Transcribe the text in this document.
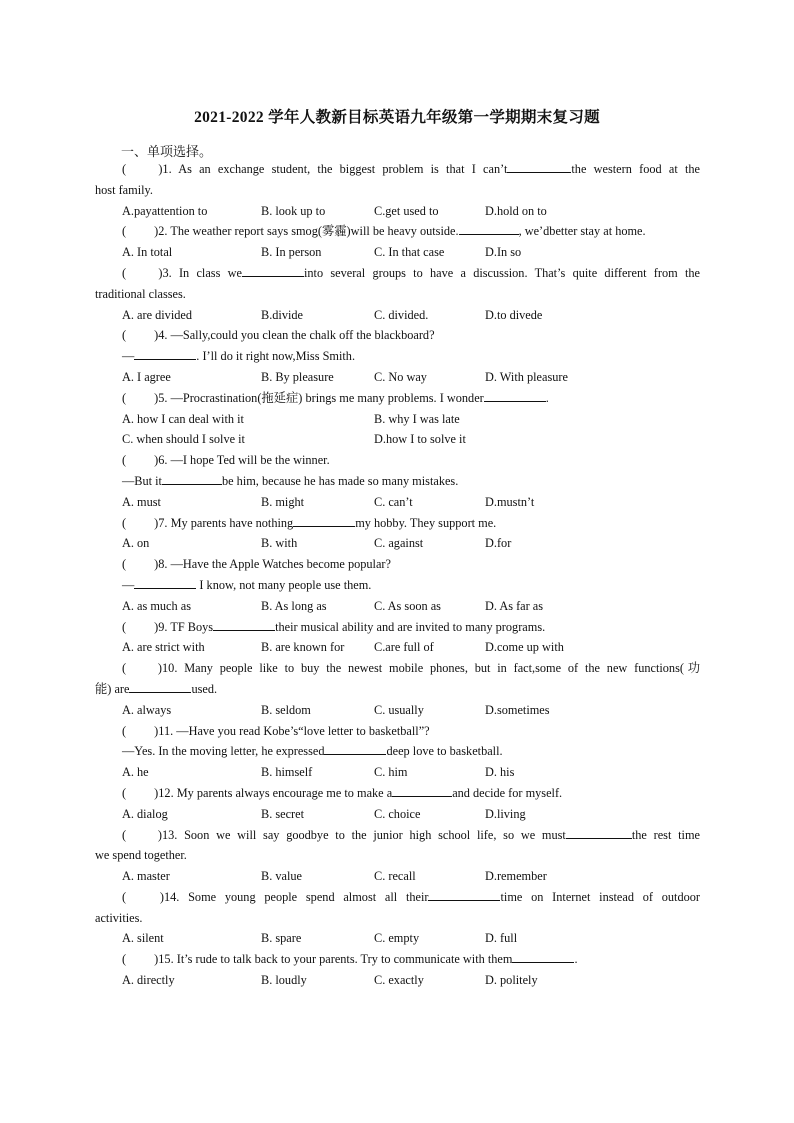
2021-2022 学年人教新目标英语九年级第一学期期末复习题
一、单项选择。
( )1. As an exchange student, the biggest problem is that I can’t	the western food at the
host family.
A.payattention to	B. look up to	C.get used to	D.hold on to
( )2. The weather report says smog(雾霾)will be heavy outside.	, we’dbetter stay at home.
A. In total	B. In person	C. In that case	D.In so
( )3. In class we	into several groups to have a discussion. That’s quite different from the
traditional classes.
A. are divided	B.divide	C. divided.	D.to divede
( )4. —Sally,could you clean the chalk off the blackboard?
—	. I’ll do it right now,Miss Smith.
A. I agree	B. By pleasure	C. No way	D. With pleasure
( )5. —Procrastination(拖延症) brings me many problems. I wonder	.
A. how I can deal with it	B. why I was late
C. when should I solve it	D.how I to solve it
( )6. —I hope Ted will be the winner.
—But it	be him, because he has made so many mistakes.
A. must	B. might	C. can’t	D.mustn’t
( )7. My parents have nothing	my hobby. They support me.
A. on	B. with	C. against	D.for
( )8. —Have the Apple Watches become popular?
—	I know, not many people use them.
A. as much as	B. As long as	C. As soon as	D. As far as
( )9. TF Boys	their musical ability and are invited to many programs.
A. are strict with	B. are known for	C.are full of	D.come up with
( )10. Many people like to buy the newest mobile phones, but in fact,some of the new functions(功
能) are	used.
A. always	B. seldom	C. usually	D.sometimes
( )11. —Have you read Kobe’s“love letter to basketball”?
—Yes. In the moving letter, he expressed	deep love to basketball.
A. he	B. himself	C. him	D. his
( )12. My parents always encourage me to make a	and decide for myself.
A. dialog	B. secret	C. choice	D.living
( )13. Soon we will say goodbye to the junior high school life, so we must	the rest time
we spend together.
A. master	B. value	C. recall	D.remember
( )14. Some young people spend almost all their	time on Internet instead of outdoor
activities.
A. silent	B. spare	C. empty	D. full
( )15. It’s rude to talk back to your parents. Try to communicate with them	.
A. directly	B. loudly	C. exactly	D. politely
